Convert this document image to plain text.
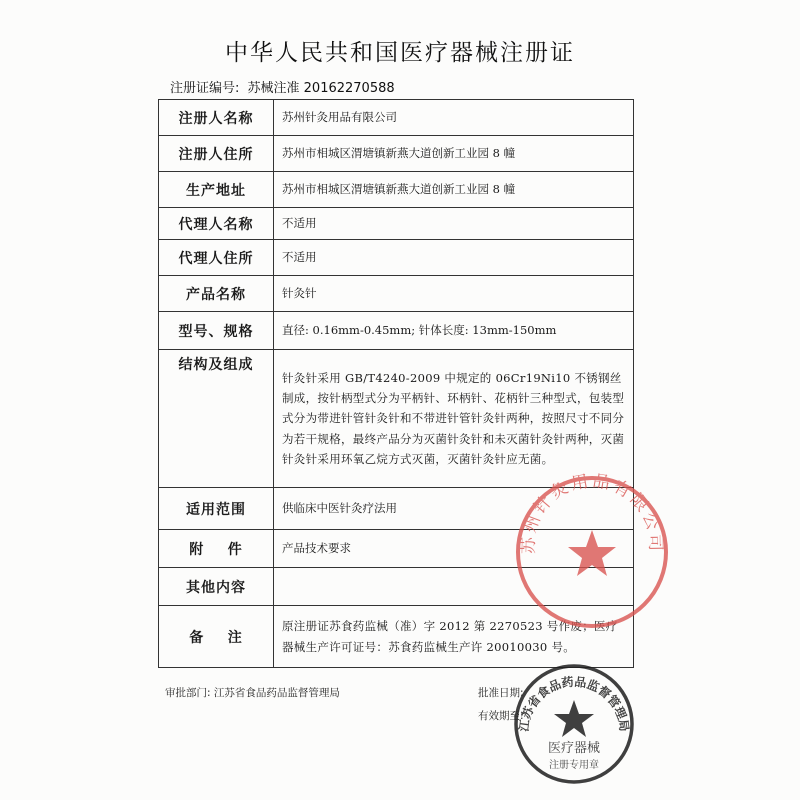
中华人民共和国医疗器械注册证
注册证编号: 苏械注准 20162270588
注册人名称	苏州针灸用品有限公司
注册人住所	苏州市相城区渭塘镇新燕大道创新工业园 8 幢
生产地址	苏州市相城区渭塘镇新燕大道创新工业园 8 幢
代理人名称	不适用
代理人住所	不适用
产品名称	针灸针
型号、规格	直径: 0.16mm-0.45mm; 针体长度: 13mm-150mm
结构及组成	针灸针采用 GB/T4240-2009 中规定的 06Cr19Ni10 不锈钢丝制成，按针柄型式分为平柄针、环柄针、花柄针三种型式，包装型式分为带进针管针灸针和不带进针管针灸针两种，按照尺寸不同分为若干规格，最终产品分为灭菌针灸针和未灭菌针灸针两种，灭菌针灸针采用环氧乙烷方式灭菌，灭菌针灸针应无菌。
适用范围	供临床中医针灸疗法用
附    件	产品技术要求
其他内容	
备    注	原注册证苏食药监械（准）字 2012 第 2270523 号作废；医疗器械生产许可证号：苏食药监械生产许 20010030 号。
审批部门: 江苏省食品药品监督管理局	批准日期:
有效期至:
苏州针灸用品有限公司
江苏省食品药品监督管理局
医疗器械
注册专用章
